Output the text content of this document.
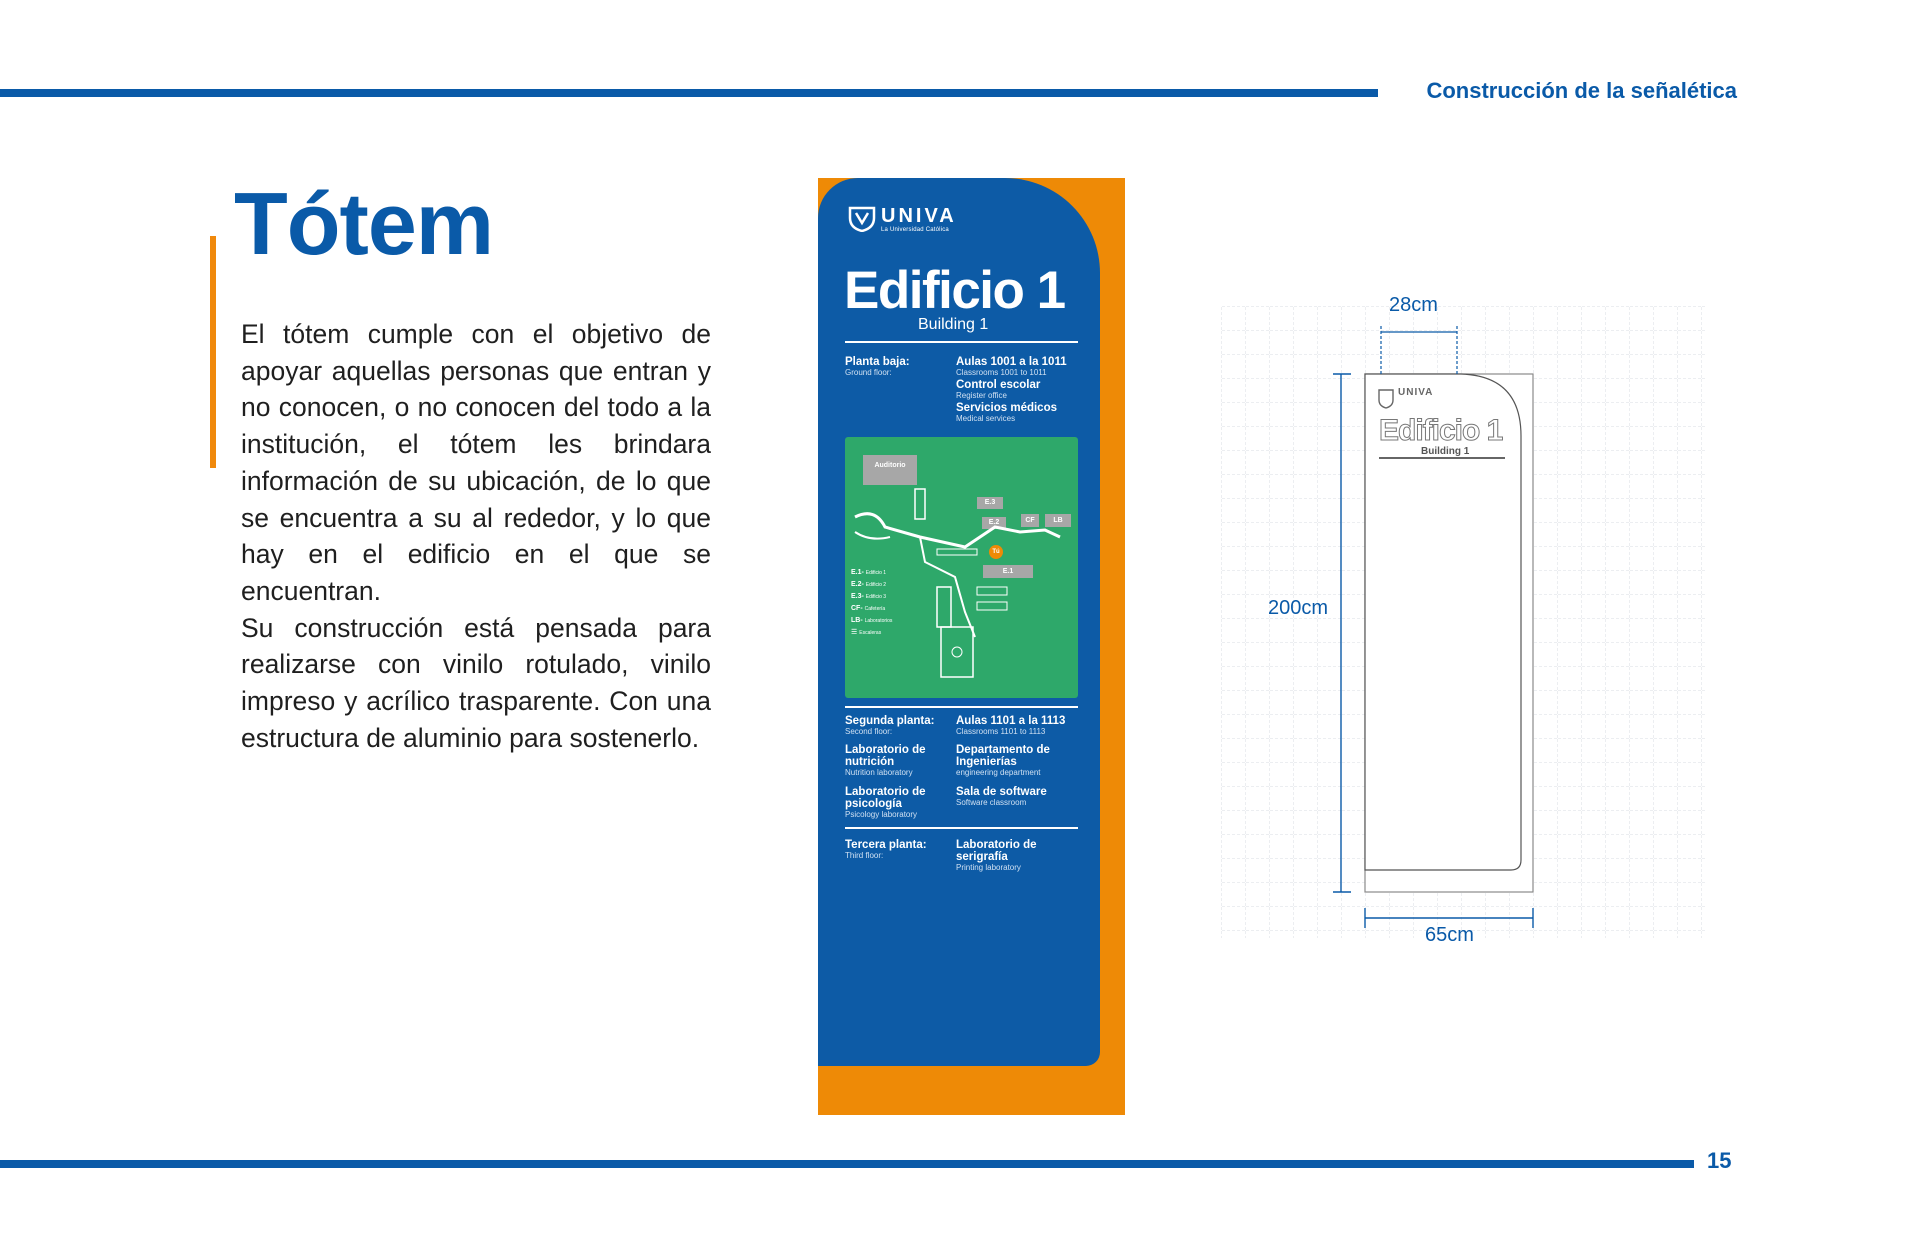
Construcción de la señalética
Tótem

El tótem cumple con el objetivo de apoyar aquellas personas que entran y no conocen, o no conocen del todo a la institución, el tótem les brindara información de su ubicación, de lo que se encuentra a su al rededor, y lo que hay en el edificio en el que se encuentran.

Su construcción está pensada para realizarse con vinilo rotulado, vinilo impreso y acrílico trasparente. Con una estructura de aluminio para sostenerlo.

UNIVA
La Universidad Católica
Edificio 1
Building 1
Planta baja:
Ground floor:
Aulas 1001 a la 1011
Classrooms 1001 to 1011
Control escolar
Register office
Servicios médicos
Medical services
Auditorio
E.3
E.2	CF	LB
E.1
Tú
E.1- Edificio 1
E.2- Edificio 2
E.3- Edificio 3
CF- Cafetería
LB- Laboratorios
☰ Escaleras
Segunda planta:
Second floor:
Aulas 1101 a la 1113
Classrooms 1101 to 1113
Laboratorio de nutrición
Nutrition laboratory
Departamento de Ingenierías
engineering department
Laboratorio de psicología
Psicology laboratory
Sala de software
Software classroom
Tercera planta:
Third floor:
Laboratorio de serigrafía
Printing laboratory
28cm
200cm
65cm
UNIVA
Edificio 1
Building 1
15
